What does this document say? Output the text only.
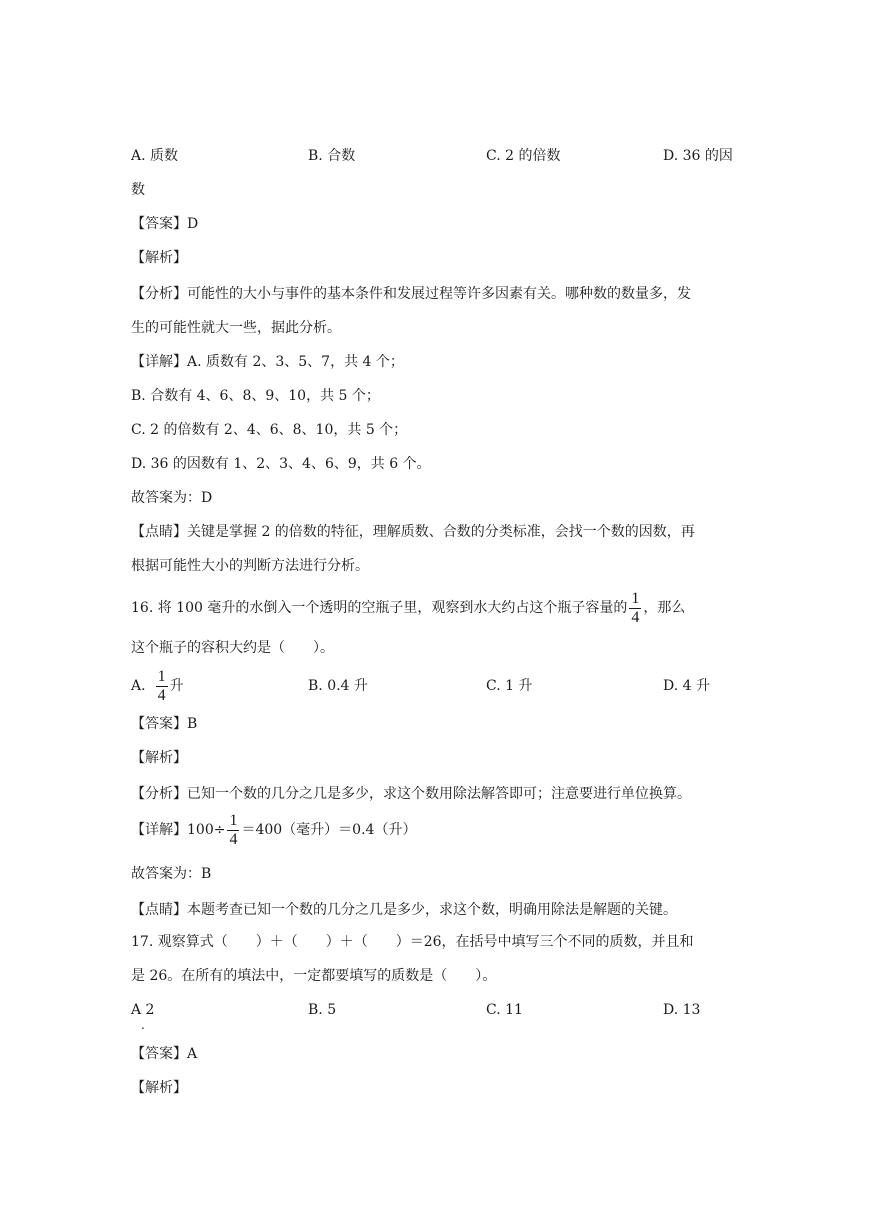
A. 质数	B. 合数	C. 2 的倍数	D. 36 的因
数
【答案】D
【解析】
【分析】可能性的大小与事件的基本条件和发展过程等许多因素有关。哪种数的数量多，发
生的可能性就大一些，据此分析。
【详解】A. 质数有 2、3、5、7，共 4 个；
B. 合数有 4、6、8、9、10，共 5 个；
C. 2 的倍数有 2、4、6、8、10，共 5 个；
D. 36 的因数有 1、2、3、4、6、9，共 6 个。
故答案为：D
【点睛】关键是掌握 2 的倍数的特征，理解质数、合数的分类标准，会找一个数的因数，再
根据可能性大小的判断方法进行分析。
16. 将 100 毫升的水倒入一个透明的空瓶子里，观察到水大约占这个瓶子容量的 $\frac{1}{4}$ ，那么
这个瓶子的容积大约是（　　）。
A. $\frac{1}{4}$ 升	B. 0.4 升	C. 1 升	D. 4 升
【答案】B
【解析】
【分析】已知一个数的几分之几是多少，求这个数用除法解答即可；注意要进行单位换算。
【详解】$100\div \frac{1}{4} =400$（毫升）＝0.4（升）
故答案为：B
【点睛】本题考查已知一个数的几分之几是多少，求这个数，明确用除法是解题的关键。
17. 观察算式（　　）＋（　　）＋（　　）＝26，在括号中填写三个不同的质数，并且和
是 26。在所有的填法中，一定都要填写的质数是（　　）。
A 2
.
B. 5	C. 11	D. 13
【答案】A
【解析】
